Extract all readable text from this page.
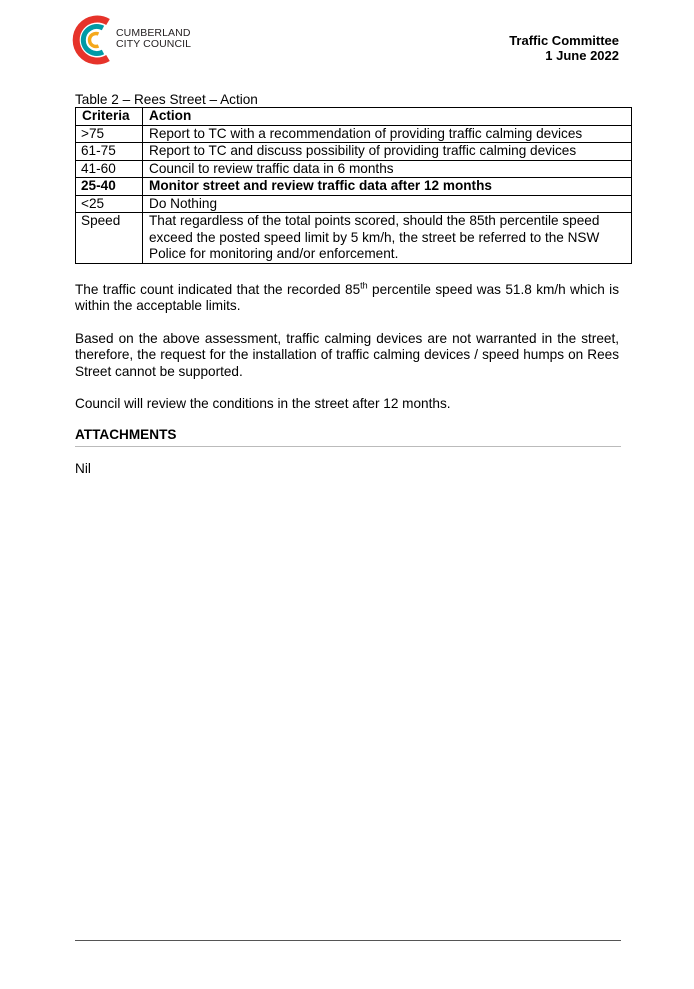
CUMBERLAND
CITY COUNCIL	Traffic Committee
1 June 2022
Table 2 – Rees Street – Action
Criteria	Action
>75	Report to TC with a recommendation of providing traffic calming devices
61-75	Report to TC and discuss possibility of providing traffic calming devices
41-60	Council to review traffic data in 6 months
25-40	Monitor street and review traffic data after 12 months
<25	Do Nothing
Speed	That regardless of the total points scored, should the 85th percentile speed exceed the posted speed limit by 5 km/h, the street be referred to the NSW Police for monitoring and/or enforcement.

The traffic count indicated that the recorded 85th percentile speed was 51.8 km/h which is within the acceptable limits.

Based on the above assessment, traffic calming devices are not warranted in the street, therefore, the request for the installation of traffic calming devices / speed humps on Rees Street cannot be supported.

Council will review the conditions in the street after 12 months.

ATTACHMENTS
Nil
